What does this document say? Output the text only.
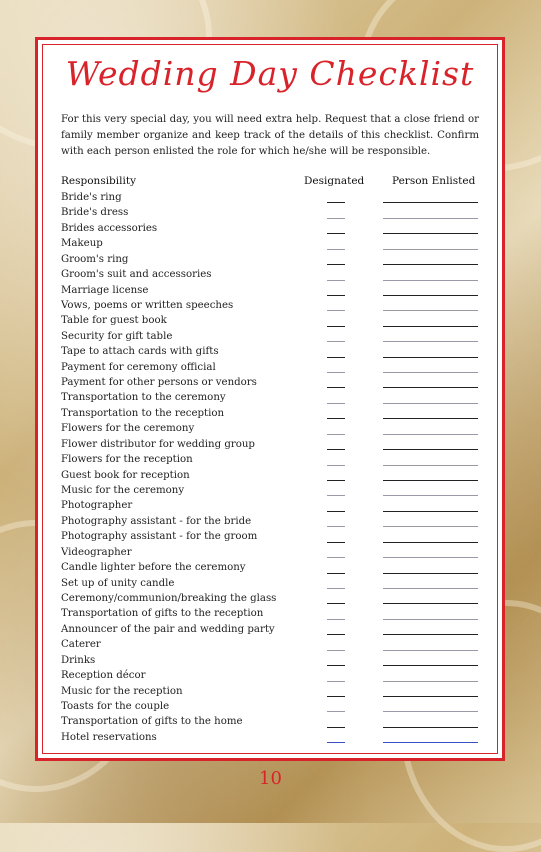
Wedding Day Checklist
For this very special day, you will need extra help. Request that a close friend or family member organize and keep track of the details of this checklist. Confirm with each person enlisted the role for which he/she will be responsible.
Responsibility	Designated	Person Enlisted
Bride's ring
Bride's dress
Brides accessories
Makeup
Groom's ring
Groom's suit and accessories
Marriage license
Vows, poems or written speeches
Table for guest book
Security for gift table
Tape to attach cards with gifts
Payment for ceremony official
Payment for other persons or vendors
Transportation to the ceremony
Transportation to the reception
Flowers for the ceremony
Flower distributor for wedding group
Flowers for the reception
Guest book for reception
Music for the ceremony
Photographer
Photography assistant - for the bride
Photography assistant - for the groom
Videographer
Candle lighter before the ceremony
Set up of unity candle
Ceremony/communion/breaking the glass
Transportation of gifts to the reception
Announcer of the pair and wedding party
Caterer
Drinks
Reception décor
Music for the reception
Toasts for the couple
Transportation of gifts to the home
Hotel reservations
10
